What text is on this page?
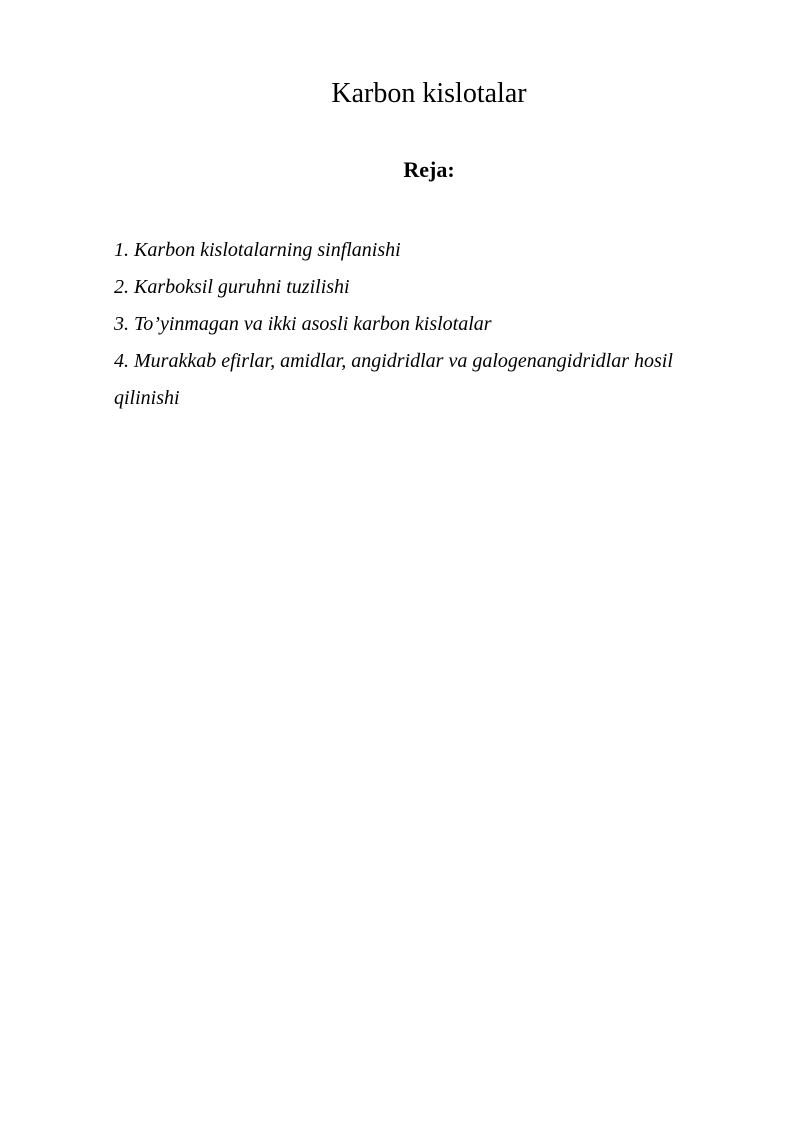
Karbon kislotalar
Reja:
1. Karbon kislotalarning sinflanishi
2. Karboksil guruhni tuzilishi
3. To’yinmagan va ikki asosli karbon kislotalar
4. Murakkab efirlar, amidlar, angidridlar va galogenangidridlar hosil qilinishi
